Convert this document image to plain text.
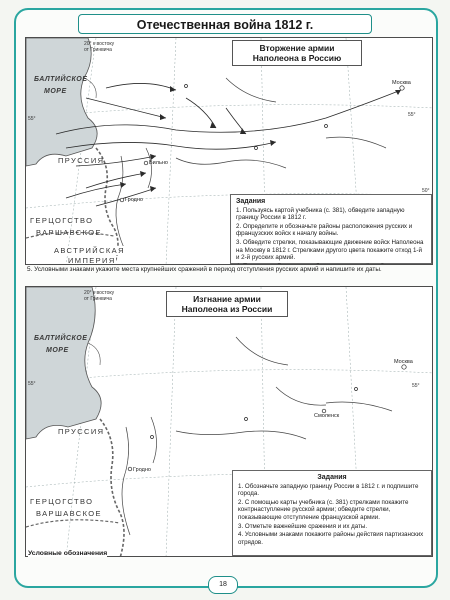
Отечественная война 1812 г.
20° к востоку
от Гринвича
55°
50°
55°
БАЛТИЙСКОЕ
МОРЕ
ПРУССИЯ
ГЕРЦОГСТВО
ВАРШАВСКОЕ
АВСТРИЙСКАЯ
ИМПЕРИЯ
Москва
Вильно
Гродно
Вторжение армии
Наполеона в Россию
Задания

1. Пользуясь картой учебника (с. 381), обведите западную границу России в 1812 г.

2. Определите и обозначьте районы расположения русских и французских войск к началу войны.

3. Обведите стрелки, показывающие движение войск Наполеона на Москву в 1812 г. Стрелками другого цвета покажите отход 1-й и 2-й русских армий.

5. Условными знаками укажите места крупнейших сражений в период отступления русских армий и напишите их даты.
20° к востоку
от Гринвича
55°	55°
БАЛТИЙСКОЕ
МОРЕ
ПРУССИЯ
ГЕРЦОГСТВО
ВАРШАВСКОЕ
Москва
Смоленск
Гродно
Изгнание армии
Наполеона из России
Задания

1. Обозначьте западную границу России в 1812 г. и подпишите города.

2. С помощью карты учебника (с. 381) стрелками покажите контрнаступление русской армии; обведите стрелки, показывающие отступление французской армии.

3. Отметьте важнейшие сражения и их даты.

4. Условными знаками покажите районы действия партизанских отрядов.

Условные обозначения
18
